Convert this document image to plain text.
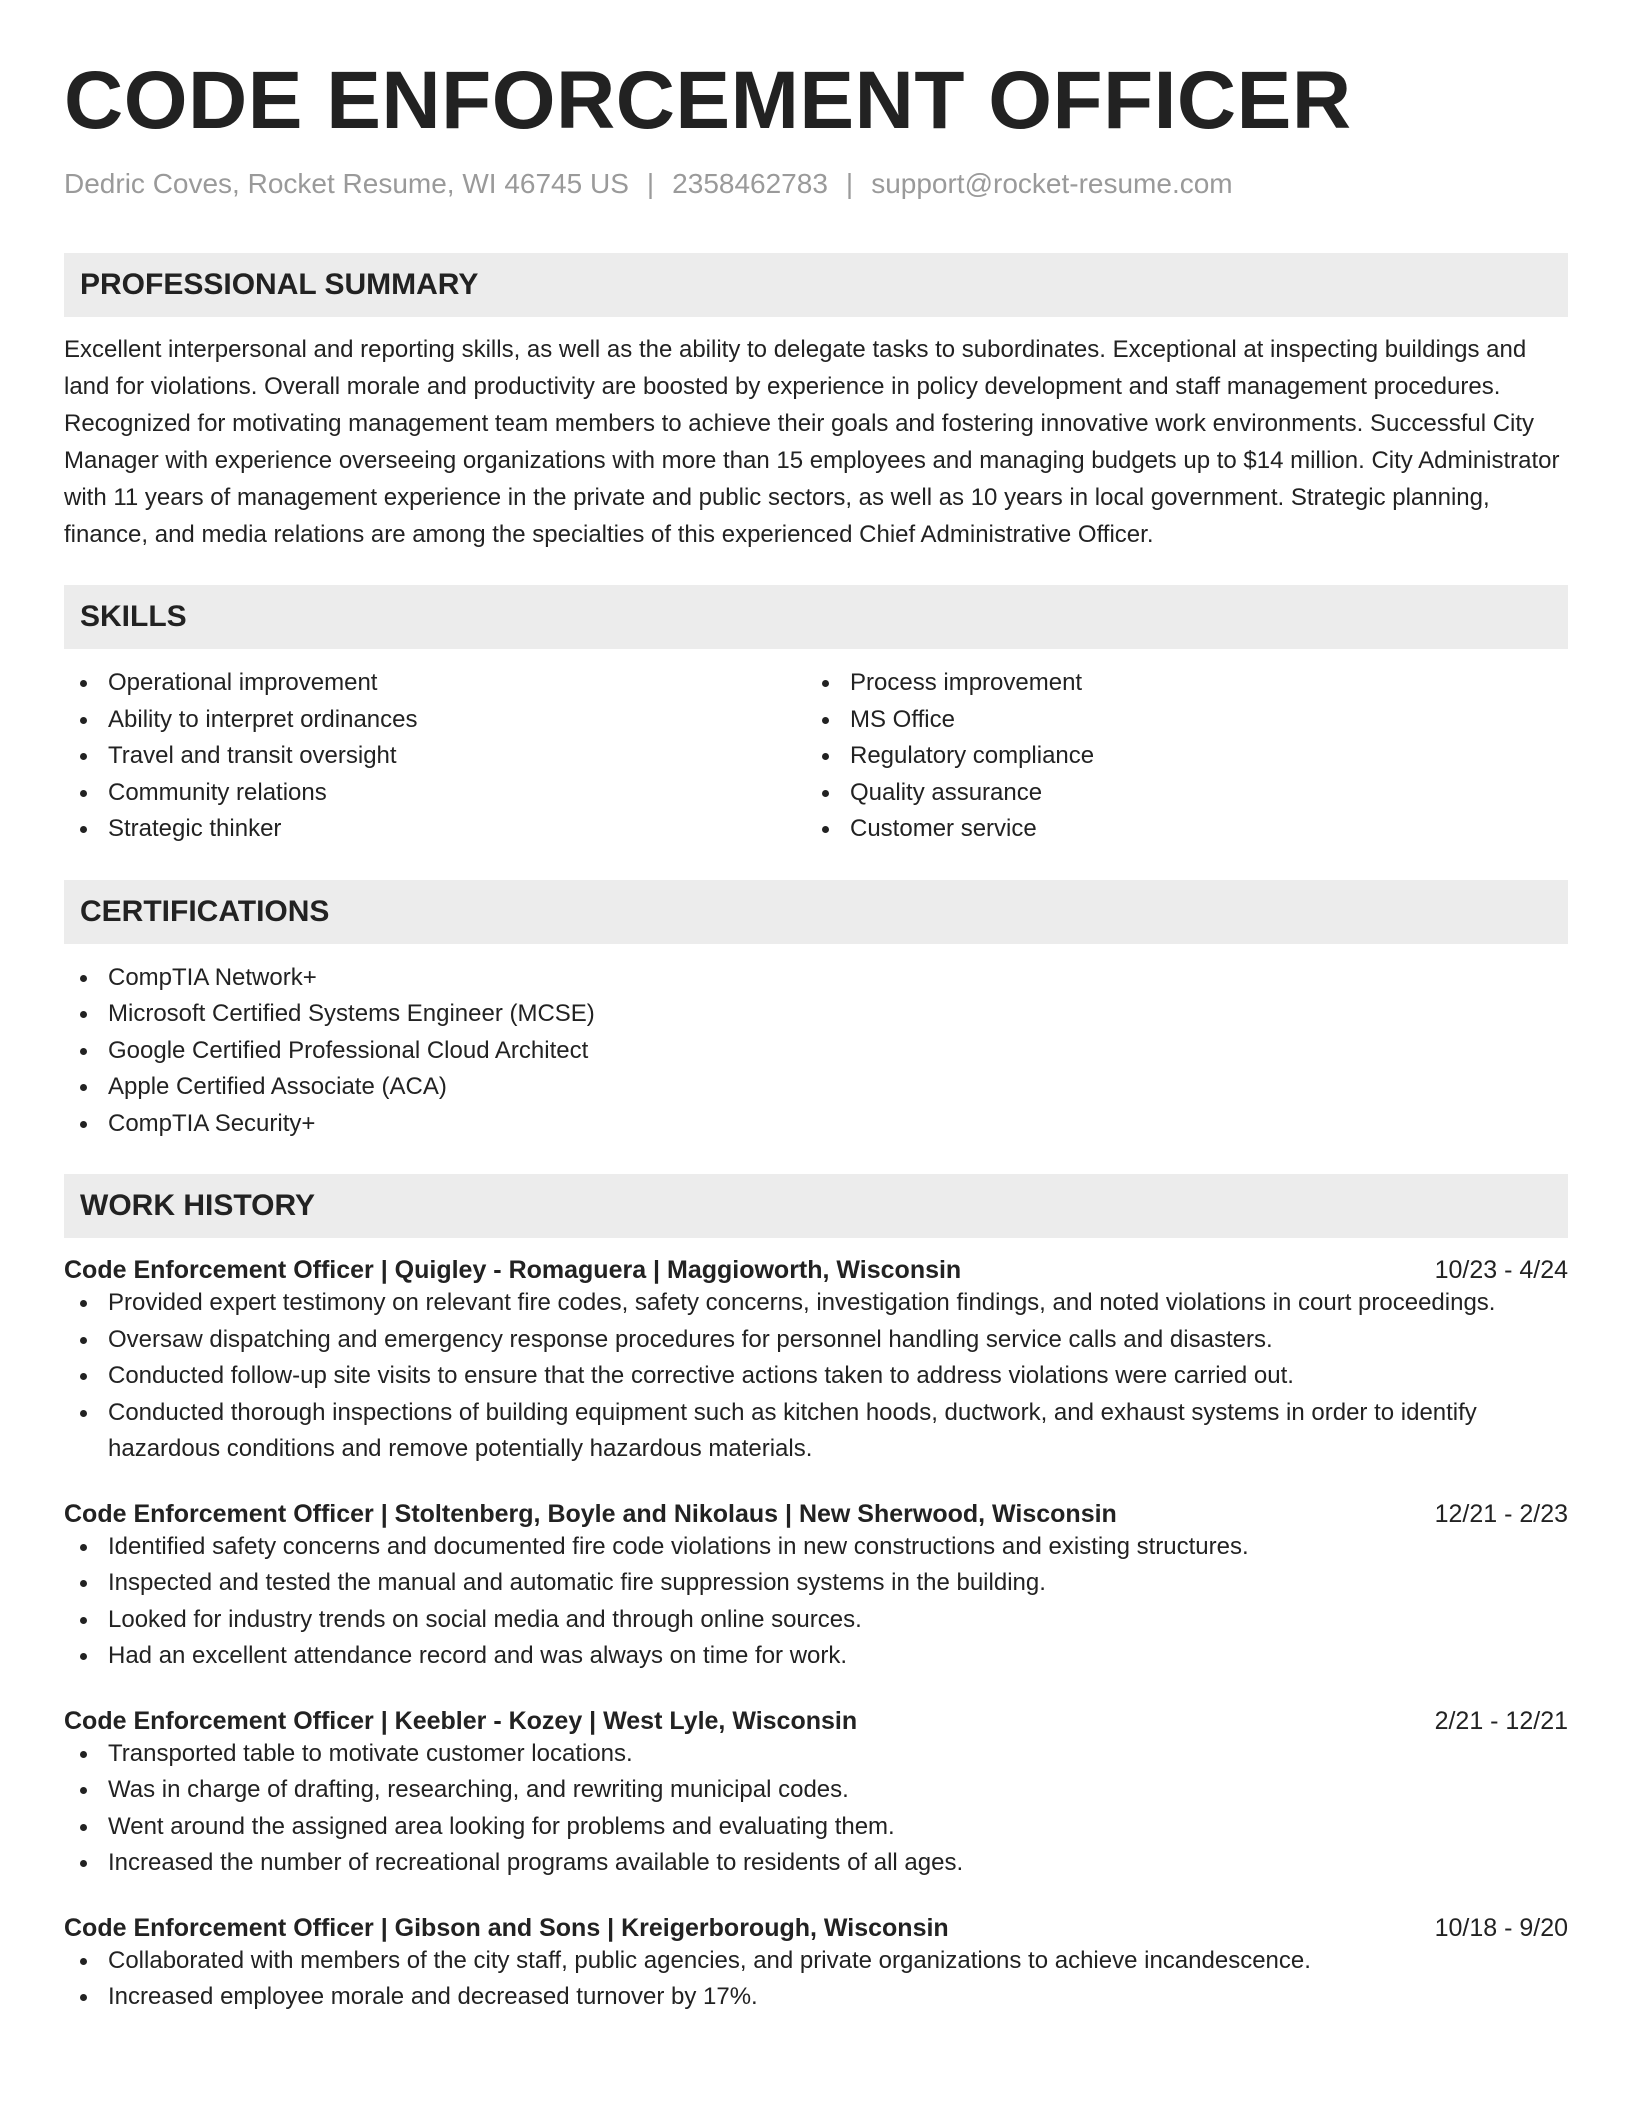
CODE ENFORCEMENT OFFICER
Dedric Coves, Rocket Resume, WI 46745 US | 2358462783 | support@rocket-resume.com
PROFESSIONAL SUMMARY

Excellent interpersonal and reporting skills, as well as the ability to delegate tasks to subordinates. Exceptional at inspecting buildings and land for violations. Overall morale and productivity are boosted by experience in policy development and staff management procedures. Recognized for motivating management team members to achieve their goals and fostering innovative work environments. Successful City Manager with experience overseeing organizations with more than 15 employees and managing budgets up to $14 million. City Administrator with 11 years of management experience in the private and public sectors, as well as 10 years in local government. Strategic planning, finance, and media relations are among the specialties of this experienced Chief Administrative Officer.

SKILLS
Operational improvement
Ability to interpret ordinances
Travel and transit oversight
Community relations
Strategic thinker
Process improvement
MS Office
Regulatory compliance
Quality assurance
Customer service
CERTIFICATIONS
CompTIA Network+
Microsoft Certified Systems Engineer (MCSE)
Google Certified Professional Cloud Architect
Apple Certified Associate (ACA)
CompTIA Security+
WORK HISTORY
Code Enforcement Officer | Quigley - Romaguera | Maggioworth, Wisconsin	10/23 - 4/24
Provided expert testimony on relevant fire codes, safety concerns, investigation findings, and noted violations in court proceedings.
Oversaw dispatching and emergency response procedures for personnel handling service calls and disasters.
Conducted follow-up site visits to ensure that the corrective actions taken to address violations were carried out.
Conducted thorough inspections of building equipment such as kitchen hoods, ductwork, and exhaust systems in order to identify hazardous conditions and remove potentially hazardous materials.
Code Enforcement Officer | Stoltenberg, Boyle and Nikolaus | New Sherwood, Wisconsin	12/21 - 2/23
Identified safety concerns and documented fire code violations in new constructions and existing structures.
Inspected and tested the manual and automatic fire suppression systems in the building.
Looked for industry trends on social media and through online sources.
Had an excellent attendance record and was always on time for work.
Code Enforcement Officer | Keebler - Kozey | West Lyle, Wisconsin	2/21 - 12/21
Transported table to motivate customer locations.
Was in charge of drafting, researching, and rewriting municipal codes.
Went around the assigned area looking for problems and evaluating them.
Increased the number of recreational programs available to residents of all ages.
Code Enforcement Officer | Gibson and Sons | Kreigerborough, Wisconsin	10/18 - 9/20
Collaborated with members of the city staff, public agencies, and private organizations to achieve incandescence.
Increased employee morale and decreased turnover by 17%.
